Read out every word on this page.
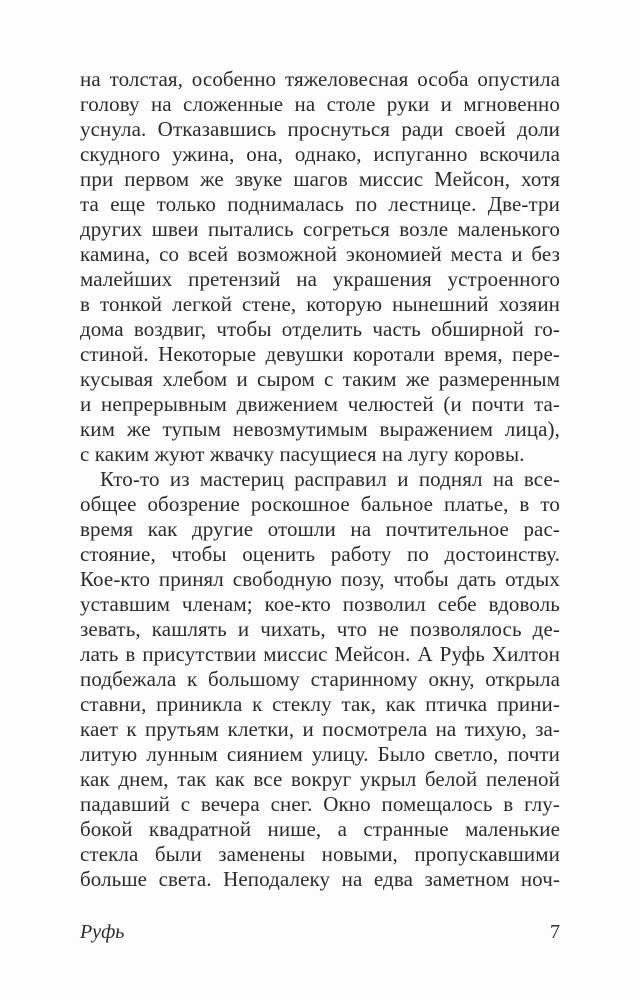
на толстая, особенно тяжеловесная особа опустила
голову на сложенные на столе руки и мгновенно
уснула. Отказавшись проснуться ради своей доли
скудного ужина, она, однако, испуганно вскочила
при первом же звуке шагов миссис Мейсон, хотя
та еще только поднималась по лестнице. Две-три
других швеи пытались согреться возле маленького
камина, со всей возможной экономией места и без
малейших претензий на украшения устроенного
в тонкой легкой стене, которую нынешний хозяин
дома воздвиг, чтобы отделить часть обширной го-
стиной. Некоторые девушки коротали время, пере-
кусывая хлебом и сыром с таким же размеренным
и непрерывным движением челюстей (и почти та-
ким же тупым невозмутимым выражением лица),
с каким жуют жвачку пасущиеся на лугу коровы.
Кто-то из мастериц расправил и поднял на все-
общее обозрение роскошное бальное платье, в то
время как другие отошли на почтительное рас-
стояние, чтобы оценить работу по достоинству.
Кое-кто принял свободную позу, чтобы дать отдых
уставшим членам; кое-кто позволил себе вдоволь
зевать, кашлять и чихать, что не позволялось де-
лать в присутствии миссис Мейсон. А Руфь Хилтон
подбежала к большому старинному окну, открыла
ставни, приникла к стеклу так, как птичка прини-
кает к прутьям клетки, и посмотрела на тихую, за-
литую лунным сиянием улицу. Было светло, почти
как днем, так как все вокруг укрыл белой пеленой
падавший с вечера снег. Окно помещалось в глу-
бокой квадратной нише, а странные маленькие
стекла были заменены новыми, пропускавшими
больше света. Неподалеку на едва заметном ноч-
Руфь	7
